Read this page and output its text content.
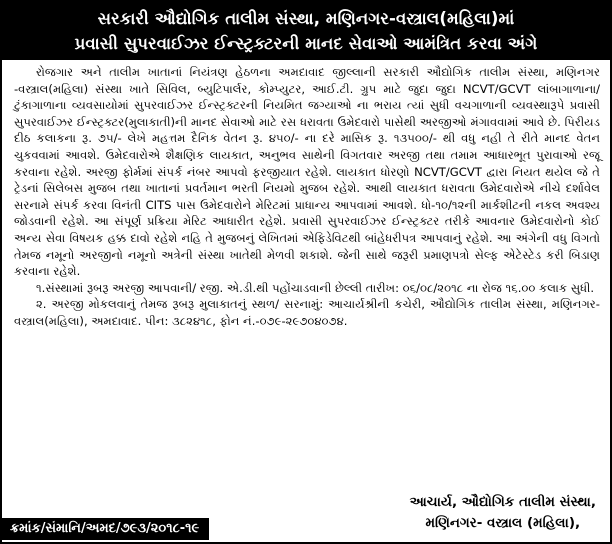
સરકારી ઔદ્યોગિક તાલીમ સંસ્થા, મણિનગર-વસ્ત્રાલ(મહિલા)માં
પ્રવાસી સુપરવાઈઝર ઈન્સ્ટ્રક્ટરની માનદ સેવાઓ આમંત્રિત કરવા અંગે

રોજગાર અને તાલીમ ખાતાનાં નિયંત્રણ હેઠળના અમદાવાદ જીલ્લાની સરકારી ઔદ્યોગિક તાલીમ સંસ્થા, મણિનગર -વસ્ત્રાલ(મહિલા) સંસ્થા ખાતે સિવિલ, બ્યુટિપાર્લર, કોમ્પ્યુટર, આઈ.ટી. ગ્રુપ માટે જુદા જુદા NCVT/GCVT લાંબાગાળાના/ટુંકાગાળાના વ્યવસાયોમાં સુપરવાઈઝર ઈન્સ્ટ્રક્ટરની નિયમિત જગ્યાઓ ના ભરાય ત્યાં સુધી વચગાળાની વ્યવસ્થારૂપે પ્રવાસી સુપરવાઈઝર ઈન્સ્ટ્રક્ટર(મુલાકાતી)ની માનદ સેવાઓ માટે રસ ધરાવતા ઉમેદવારો પાસેથી અરજીઓ મંગાવવામાં આવે છે. પિરીયડ દીઠ કલાકના રૂ. ૭૫/- લેખે મહત્તમ દૈનિક વેતન રૂ. ૪૫૦/- ના દરે માસિક રૂ. ૧૩૫૦૦/- થી વધુ નહી તે રીતે માનદ વેતન ચુકવવામાં આવશે. ઉમેદવારોએ શૈક્ષણિક લાયકાત, અનુભવ સાથેની વિગતવાર અરજી તથા તમામ આધારભૂત પુરાવાઓ રજૂ કરવાના રહેશે. અરજી ફોર્મમાં સંપર્ક નંબર આપવો ફરજીયાત રહેશે. લાયકાત ધોરણો NCVT/GCVT દ્વારા નિયત થયેલ જે તે ટ્રેડનાં સિલેબસ મુજબ તથા ખાતાનાં પ્રવર્તમાન ભરતી નિયમો મુજબ રહેશે. આથી લાયકાત ધરાવતા ઉમેદવારોએ નીચે દર્શાવેલ સરનામે સંપર્ક કરવા વિનંતી CITS પાસ ઉમેદવારોને મેરિટમાં પ્રાધાન્ય આપવામાં આવશે. ધો-૧૦/૧૨ની માર્કશીટની નકલ અવશ્ય જોડવાની રહેશે. આ સંપૂર્ણ પ્રક્રિયા મેરિટ આધારીત રહેશે. પ્રવાસી સુપરવાઈઝર ઈન્સ્ટ્રક્ટર તરીકે આવનાર ઉમેદવારોનો કોઈ અન્ય સેવા વિષયક હક્ક દાવો રહેશે નહિ તે મુજબનું લેખિતમાં એફિડેવિટથી બાંહેધરીપત્ર આપવાનું રહેશે. આ અંગેની વધુ વિગતો તેમજ નમૂનો અરજીનો નમૂનો અત્રેની સંસ્થા ખાતેથી મેળવી શકાશે. જેની સાથે જરૂરી પ્રમાણપત્રો સેલ્ફ એટેસ્ટેડ કરી બિડાણ કરવાના રહેશે.

૧.સંસ્થામાં રૂબરૂ અરજી આપવાની/ રજી. એ.ડી.થી પહોંચાડવાની છેલ્લી તારીખ: ૦૬/૦૮/૨૦૧૮ ના રોજ ૧૬.૦૦ કલાક સુધી.

૨. અરજી મોકલવાનું તેમજ રૂબરૂ મુલાકાતનું સ્થળ/ સરનામું: આચાર્યશ્રીની કચેરી, ઔદ્યોગિક તાલીમ સંસ્થા, મણિનગર-વસ્ત્રાલ(મહિલા), અમદાવાદ. પીન: ૩૮૨૪૧૮, ફોન નં.-૦૭૯-૨૯૭૦૪૦૭૪.

આચાર્ય, ઔદ્યોગિક તાલીમ સંસ્થા,
મણિનગર- વસ્ત્રાલ (મહિલા),
ક્રમાંક/સંમાનિ/અમદ/૭૯૩/૨૦૧૮-૧૯
